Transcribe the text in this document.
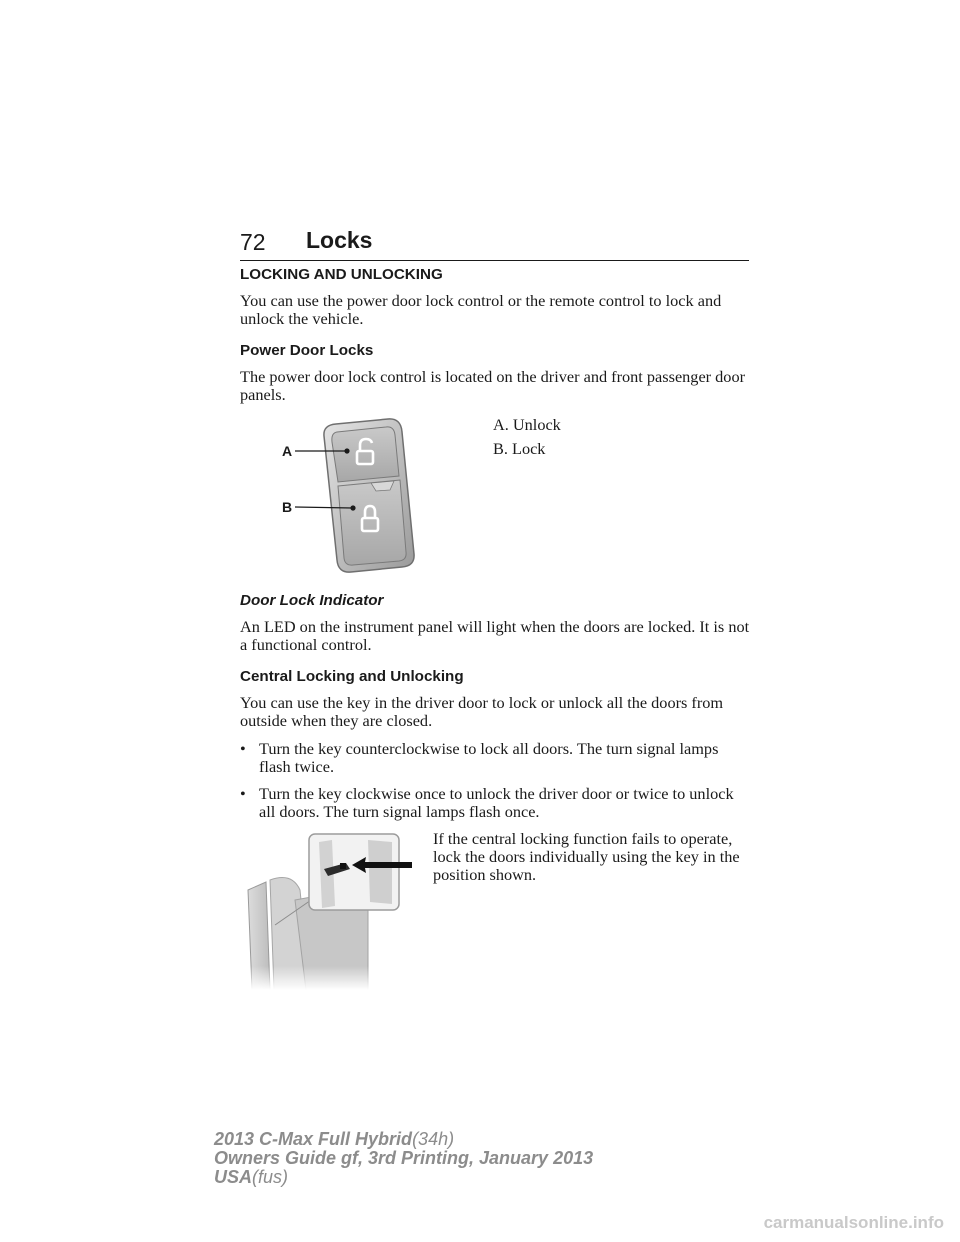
72 Locks
LOCKING AND UNLOCKING

You can use the power door lock control or the remote control to lock and unlock the vehicle.

Power Door Locks

The power door lock control is located on the driver and front passenger door panels.

A
B
A. Unlock
B. Lock
Door Lock Indicator

An LED on the instrument panel will light when the doors are locked. It is not a functional control.

Central Locking and Unlocking

You can use the key in the driver door to lock or unlock all the doors from outside when they are closed.

• Turn the key counterclockwise to lock all doors. The turn signal lamps flash twice.
• Turn the key clockwise once to unlock the driver door or twice to unlock all doors. The turn signal lamps flash once.
If the central locking function fails to operate, lock the doors individually using the key in the position shown.
2013 C-Max Full Hybrid(34h)
Owners Guide gf, 3rd Printing, January 2013
USA(fus)
carmanualsonline.info
